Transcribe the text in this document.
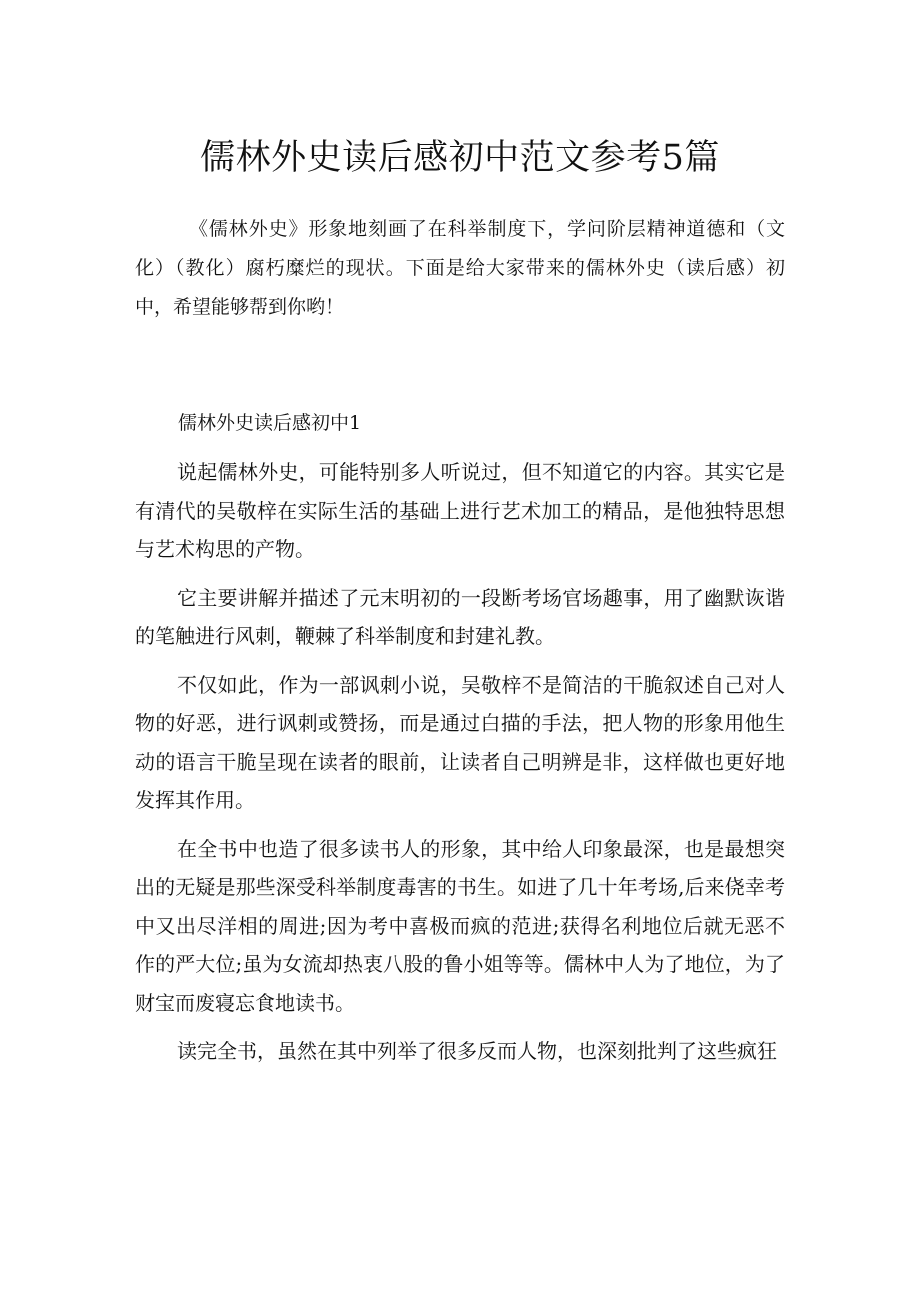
儒林外史读后感初中范文参考5篇

《儒林外史》形象地刻画了在科举制度下，学问阶层精神道德和（文化）（教化）腐朽糜烂的现状。下面是给大家带来的儒林外史（读后感）初中，希望能够帮到你哟！

儒林外史读后感初中1

说起儒林外史，可能特别多人听说过，但不知道它的内容。其实它是有清代的吴敬梓在实际生活的基础上进行艺术加工的精品，是他独特思想与艺术构思的产物。

它主要讲解并描述了元末明初的一段断考场官场趣事，用了幽默诙谐的笔触进行风刺，鞭棘了科举制度和封建礼教。

不仅如此，作为一部讽刺小说，吴敬梓不是简洁的干脆叙述自己对人物的好恶，进行讽刺或赞扬，而是通过白描的手法，把人物的形象用他生动的语言干脆呈现在读者的眼前，让读者自己明辨是非，这样做也更好地发挥其作用。

在全书中也造了很多读书人的形象，其中给人印象最深，也是最想突出的无疑是那些深受科举制度毒害的书生。如进了几十年考场,后来侥幸考中又出尽洋相的周进;因为考中喜极而疯的范进;获得名利地位后就无恶不作的严大位;虽为女流却热衷八股的鲁小姐等等。儒林中人为了地位，为了财宝而废寝忘食地读书。

读完全书，虽然在其中列举了很多反而人物，也深刻批判了这些疯狂
